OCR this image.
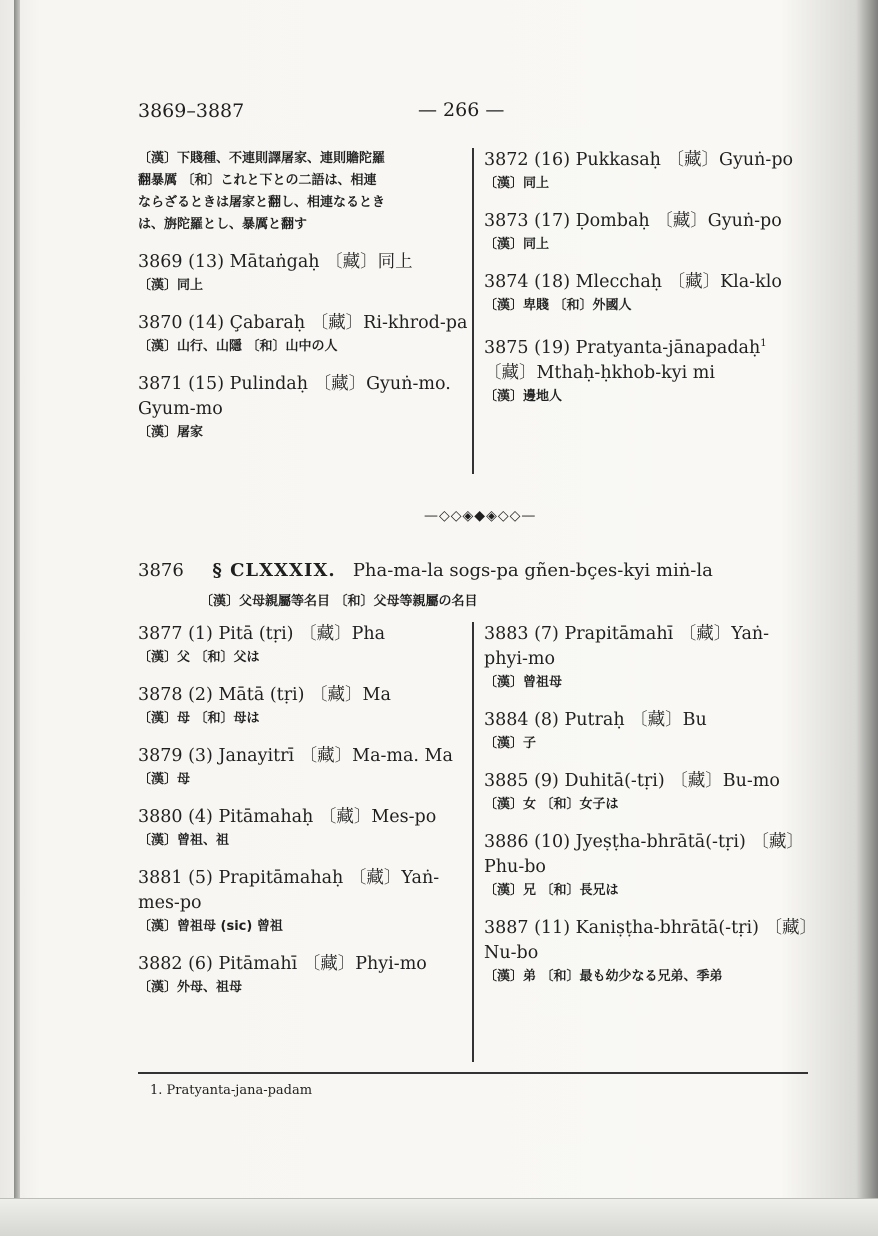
3869–3887	— 266 —
〔漢〕下賤種、不連則譯屠家、連則贍陀羅
翻暴厲 〔和〕これと下との二語は、相連
ならざるときは屠家と翻し、相連なるとき
は、旃陀羅とし、暴厲と翻す
3869 (13) Mātaṅgaḥ 〔藏〕同上
〔漢〕同上
3870 (14) Çabaraḥ 〔藏〕Ri-khrod-pa
〔漢〕山行、山隱 〔和〕山中の人
3871 (15) Pulindaḥ 〔藏〕Gyuṅ-mo.
Gyum-mo
〔漢〕屠家
3872 (16) Pukkasaḥ 〔藏〕Gyuṅ-po
〔漢〕同上
3873 (17) Ḍombaḥ 〔藏〕Gyuṅ-po
〔漢〕同上
3874 (18) Mlecchaḥ 〔藏〕Kla-klo
〔漢〕卑賤 〔和〕外國人
3875 (19) Pratyanta-jānapadaḥ$^1$
〔藏〕Mthaḥ-ḥkhob-kyi mi
〔漢〕邊地人
—◇◇◈◆◈◇◇—
3876 § CLXXXIX. Pha-ma-la sogs-pa gñen-bçes-kyi miṅ-la
〔漢〕父母親屬等名目 〔和〕父母等親屬の名目
3877 (1) Pitā (tṛi) 〔藏〕Pha
〔漢〕父 〔和〕父は
3878 (2) Mātā (tṛi) 〔藏〕Ma
〔漢〕母 〔和〕母は
3879 (3) Janayitrī 〔藏〕Ma-ma. Ma
〔漢〕母
3880 (4) Pitāmahaḥ 〔藏〕Mes-po
〔漢〕曾祖、祖
3881 (5) Prapitāmahaḥ 〔藏〕Yaṅ-
mes-po
〔漢〕曾祖母 (sic) 曾祖
3882 (6) Pitāmahī 〔藏〕Phyi-mo
〔漢〕外母、祖母
3883 (7) Prapitāmahī 〔藏〕Yaṅ-
phyi-mo
〔漢〕曾祖母
3884 (8) Putraḥ 〔藏〕Bu
〔漢〕子
3885 (9) Duhitā(-tṛi) 〔藏〕Bu-mo
〔漢〕女 〔和〕女子は
3886 (10) Jyeṣṭha-bhrātā(-tṛi) 〔藏〕
Phu-bo
〔漢〕兄 〔和〕長兄は
3887 (11) Kaniṣṭha-bhrātā(-tṛi) 〔藏〕
Nu-bo
〔漢〕弟 〔和〕最も幼少なる兄弟、季弟
1. Pratyanta-jana-padam
